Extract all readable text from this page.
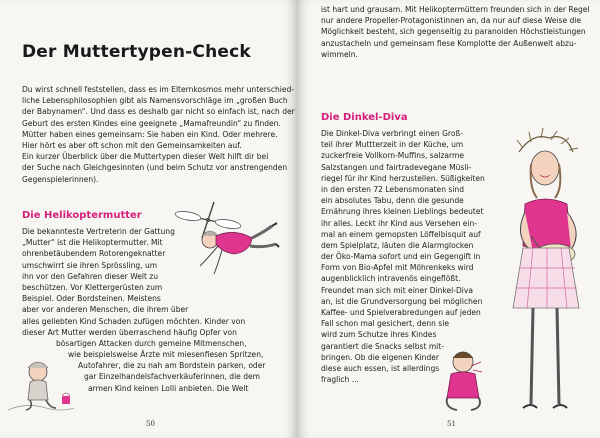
Der Muttertypen-Check
Du wirst schnell feststellen, dass es im Elternkosmos mehr unterschied-
liche Lebensphilosophien gibt als Namensvorschläge im „großen Buch
der Babynamen“. Und dass es deshalb gar nicht so einfach ist, nach der
Geburt des ersten Kindes eine geeignete „Mamafreundin“ zu finden.
Mütter haben eines gemeinsam: Sie haben ein Kind. Oder mehrere.
Hier hört es aber oft schon mit den Gemeinsamkeiten auf.
Ein kurzer Überblick über die Muttertypen dieser Welt hilft dir bei
der Suche nach Gleichgesinnten (und beim Schutz vor anstrengenden
Gegenspielerinnen).
Die Helikoptermutter
Die bekannteste Vertreterin der Gattung
„Mutter“ ist die Helikoptermutter. Mit
ohrenbetäubendem Rotorengeknatter
umschwirrt sie ihren Sprössling, um
ihn vor den Gefahren dieser Welt zu
beschützen. Vor Klettergerüsten zum
Beispiel. Oder Bordsteinen. Meistens
aber vor anderen Menschen, die ihrem über
alles geliebten Kind Schaden zufügen möchten. Kinder von
dieser Art Mutter werden überraschend häufig Opfer von
bösartigen Attacken durch gemeine Mitmenschen,
wie beispielsweise Ärzte mit miesenfiesen Spritzen,
Autofahrer, die zu nah am Bordstein parken, oder
gar Einzelhandelsfachverkäuferinnen, die dem
armen Kind keinen Lolli anbieten. Die Welt
50
ist hart und grausam. Mit Helikoptermüttern freunden sich in der Regel
nur andere Propeller-Protagonistinnen an, da nur auf diese Weise die
Möglichkeit besteht, sich gegenseitig zu paranoiden Höchstleistungen
anzustacheln und gemeinsam fiese Komplotte der Außenwelt abzu-
wimmeln.
Die Dinkel-Diva
Die Dinkel-Diva verbringt einen Groß-
teil ihrer Muttterzeit in der Küche, um
zuckerfreie Vollkorn-Muffins, salzarme
Salzstangen und fairtradevegane Müsli-
riegel für ihr Kind herzustellen. Süßigkeiten
in den ersten 72 Lebensmonaten sind
ein absolutes Tabu, denn die gesunde
Ernährung ihres kleinen Lieblings bedeutet
ihr alles. Leckt ihr Kind aus Versehen ein-
mal an einem gemopsten Löffelbisquit auf
dem Spielplatz, läuten die Alarmglocken
der Öko-Mama sofort und ein Gegengift in
Form von Bio-Apfel mit Möhrenkeks wird
augenblicklich intravenös eingeflößt.
Freundet man sich mit einer Dinkel-Diva
an, ist die Grundversorgung bei möglichen
Kaffee- und Spielverabredungen auf jeden
Fall schon mal gesichert, denn sie
wird zum Schutze ihres Kindes
garantiert die Snacks selbst mit-
bringen. Ob die eigenen Kinder
diese auch essen, ist allerdings
fraglich ...
51
